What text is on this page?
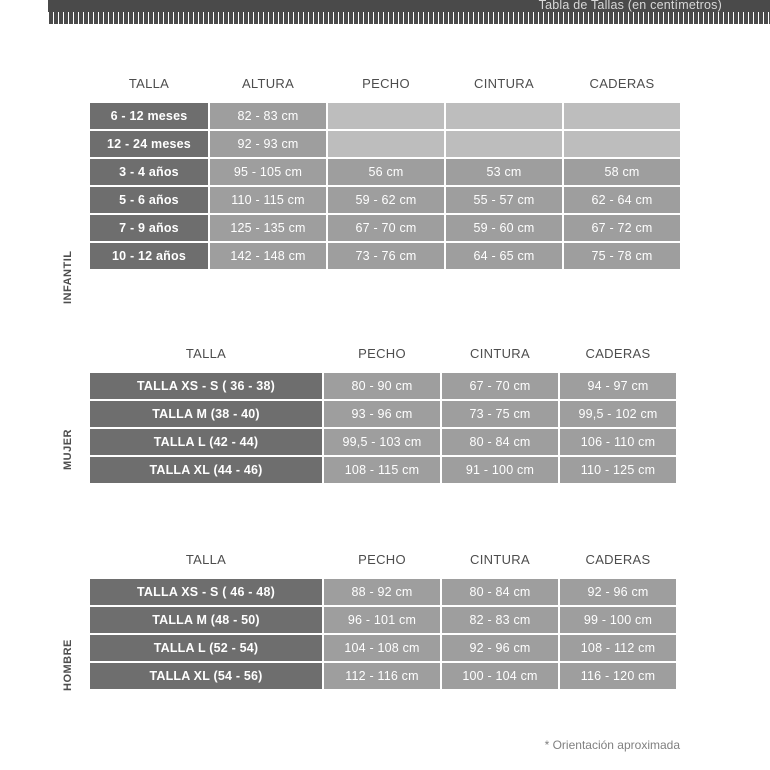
Tabla de Tallas (en centímetros)
INFANTIL
TALLA	ALTURA	PECHO	CINTURA	CADERAS
6 - 12 meses	82 - 83 cm			
12 - 24 meses	92 - 93 cm			
3 - 4 años	95 - 105 cm	56 cm	53 cm	58 cm
5 - 6 años	110 - 115 cm	59 - 62 cm	55 - 57 cm	62 - 64 cm
7 - 9 años	125 - 135 cm	67 - 70 cm	59 - 60 cm	67 - 72 cm
10 - 12 años	142 - 148 cm	73 - 76 cm	64 - 65 cm	75 - 78 cm
MUJER
TALLA	PECHO	CINTURA	CADERAS
TALLA XS - S ( 36 - 38)	80 - 90 cm	67 - 70 cm	94 - 97 cm
TALLA M (38 - 40)	93 - 96 cm	73 - 75 cm	99,5 - 102 cm
TALLA L (42 - 44)	99,5 - 103 cm	80 - 84 cm	106 - 110 cm
TALLA XL (44 - 46)	108 - 115 cm	91 - 100 cm	110 - 125 cm
HOMBRE
TALLA	PECHO	CINTURA	CADERAS
TALLA XS - S ( 46 - 48)	88 - 92 cm	80 - 84 cm	92 - 96 cm
TALLA M (48 - 50)	96 - 101 cm	82 - 83 cm	99 - 100 cm
TALLA L (52 - 54)	104 - 108 cm	92 - 96 cm	108 - 112 cm
TALLA XL (54 - 56)	112 - 116 cm	100 - 104 cm	116 - 120 cm
* Orientación aproximada
